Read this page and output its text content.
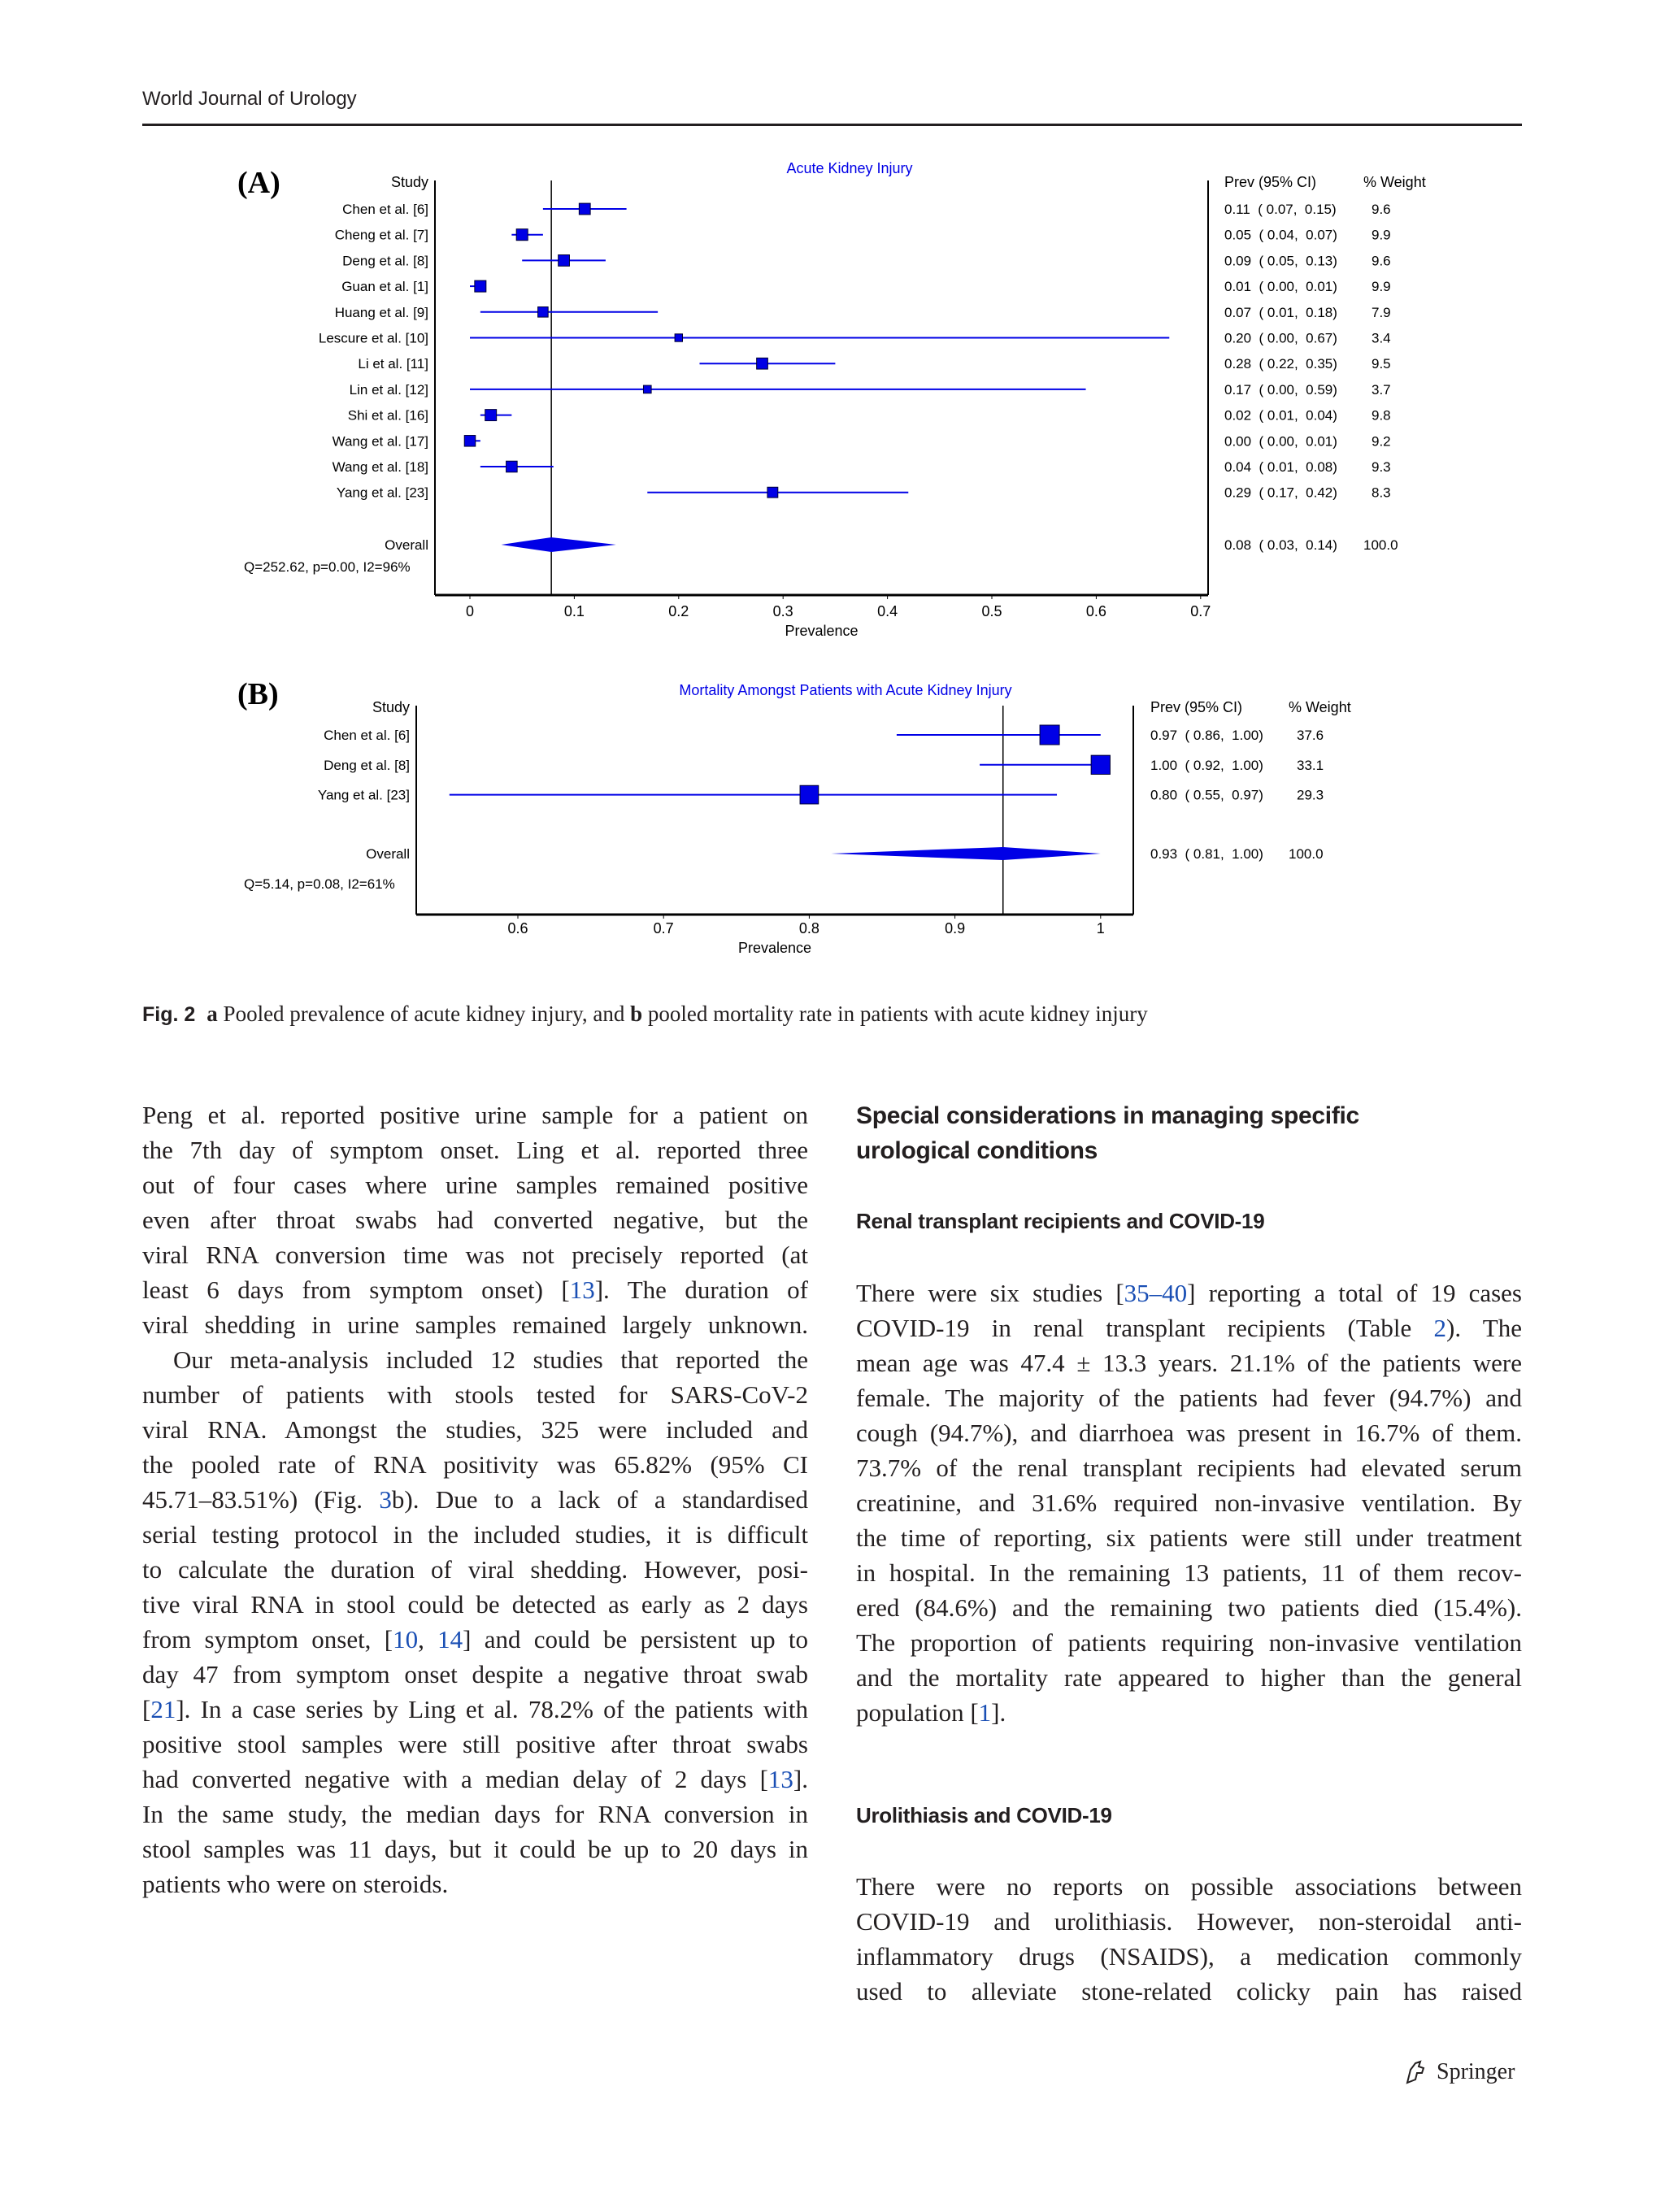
World Journal of Urology
(A)	Acute Kidney Injury
Study	Prev (95% CI)	% Weight
0	0.1	0.2	0.3	0.4	0.5	0.6	0.7
Prevalence
Chen et al. [6]	0.11  ( 0.07,  0.15)	9.6
Cheng et al. [7]	0.05  ( 0.04,  0.07) 9.9
Deng et al. [8]	0.09  ( 0.05,  0.13) 9.6
Guan et al. [1]	0.01  ( 0.00,  0.01) 9.9
Huang et al. [9]	0.07  ( 0.01,  0.18) 7.9
Lescure et al. [10]	0.20  ( 0.00,  0.67) 3.4
Li et al. [11]	0.28  ( 0.22,  0.35) 9.5
Lin et al. [12]	0.17  ( 0.00,  0.59) 3.7
Shi et al. [16]	0.02  ( 0.01,  0.04) 9.8
Wang et al. [17]	0.00  ( 0.00,  0.01) 9.2
Wang et al. [18]	0.04  ( 0.01,  0.08) 9.3
Yang et al. [23]	0.29  ( 0.17,  0.42) 8.3
Overall	0.08  ( 0.03,  0.14) 100.0
Q=252.62, p=0.00, I2=96%
(B)	Mortality Amongst Patients with Acute Kidney Injury
Study	Prev (95% CI)	% Weight
0.6	0.7	0.8	0.9	1
Prevalence
Chen et al. [6]	0.97  ( 0.86,  1.00) 37.6
Deng et al. [8]	1.00  ( 0.92,  1.00) 33.1
Yang et al. [23]	0.80  ( 0.55,  0.97) 29.3
Overall	0.93  ( 0.81,  1.00) 100.0
Q=5.14, p=0.08, I2=61%
Fig. 2 a Pooled prevalence of acute kidney injury, and b pooled mortality rate in patients with acute kidney injury
Peng et al. reported positive urine sample for a patient on
the 7th day of symptom onset. Ling et al. reported three
out of four cases where urine samples remained positive
even after throat swabs had converted negative, but the
viral RNA conversion time was not precisely reported (at
least 6 days from symptom onset) [13]. The duration of
viral shedding in urine samples remained largely unknown.
Our meta-analysis included 12 studies that reported the
number of patients with stools tested for SARS-CoV-2
viral RNA. Amongst the studies, 325 were included and
the pooled rate of RNA positivity was 65.82% (95% CI
45.71–83.51%) (Fig. 3b). Due to a lack of a standardised
serial testing protocol in the included studies, it is difficult
to calculate the duration of viral shedding. However, posi-
tive viral RNA in stool could be detected as early as 2 days
from symptom onset, [10, 14] and could be persistent up to
day 47 from symptom onset despite a negative throat swab
[21]. In a case series by Ling et al. 78.2% of the patients with
positive stool samples were still positive after throat swabs
had converted negative with a median delay of 2 days [13].
In the same study, the median days for RNA conversion in
stool samples was 11 days, but it could be up to 20 days in
patients who were on steroids.
Special considerations in managing specific
urological conditions
Renal transplant recipients and COVID-19
There were six studies [35–40] reporting a total of 19 cases
COVID-19 in renal transplant recipients (Table 2). The
mean age was 47.4 ± 13.3 years. 21.1% of the patients were
female. The majority of the patients had fever (94.7%) and
cough (94.7%), and diarrhoea was present in 16.7% of them.
73.7% of the renal transplant recipients had elevated serum
creatinine, and 31.6% required non-invasive ventilation. By
the time of reporting, six patients were still under treatment
in hospital. In the remaining 13 patients, 11 of them recov-
ered (84.6%) and the remaining two patients died (15.4%).
The proportion of patients requiring non-invasive ventilation
and the mortality rate appeared to higher than the general
population [1].
Urolithiasis and COVID-19
There were no reports on possible associations between
COVID-19 and urolithiasis. However, non-steroidal anti-
inflammatory drugs (NSAIDS), a medication commonly
used to alleviate stone-related colicky pain has raised
Springer
